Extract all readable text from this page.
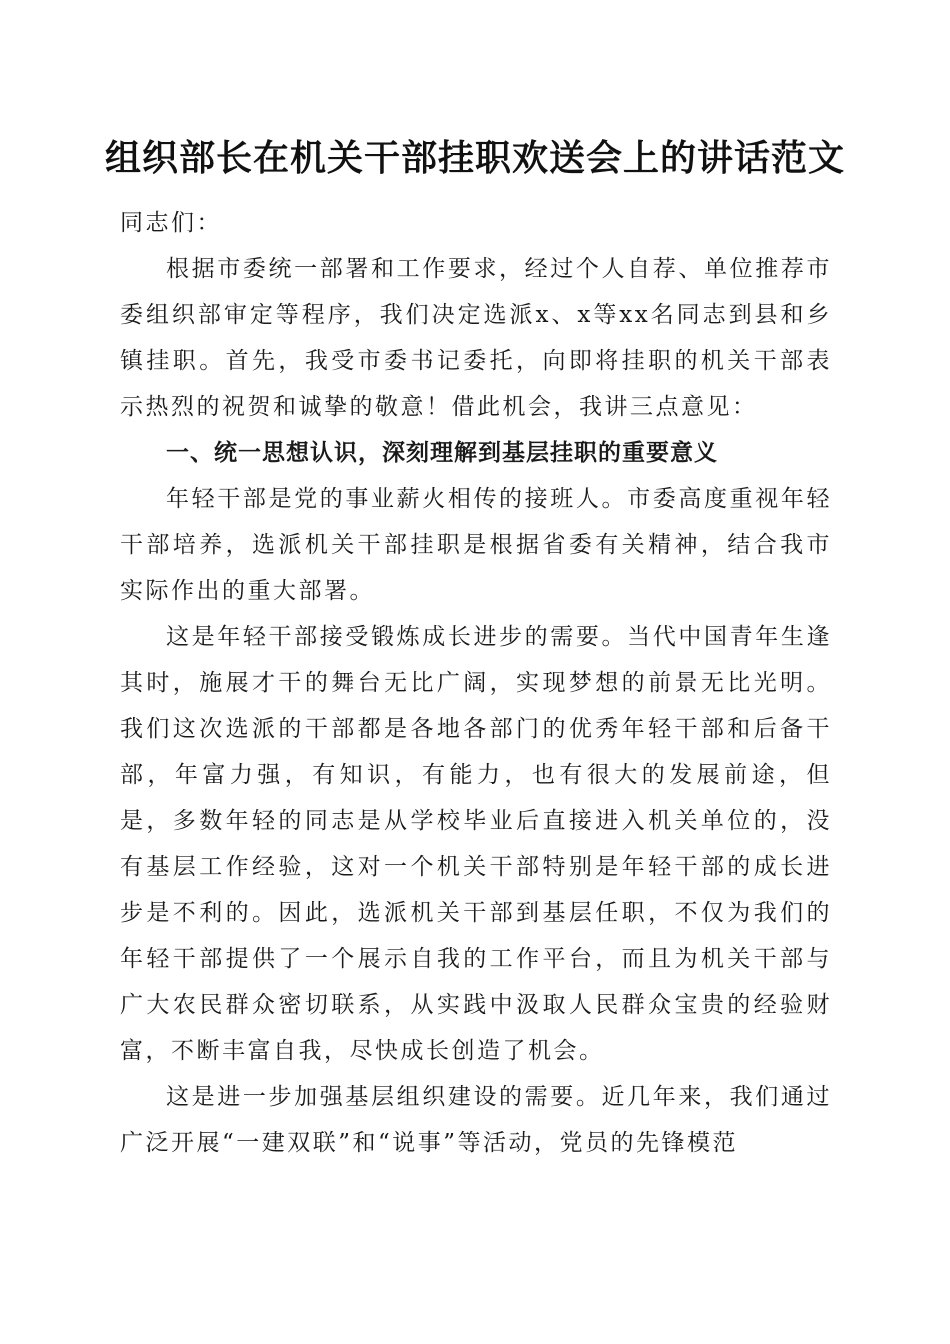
组织部长在机关干部挂职欢送会上的讲话范文

同志们：

根据市委统一部署和工作要求，经过个人自荐、单位推荐市委组织部审定等程序，我们决定选派x、x等xx名同志到县和乡镇挂职。首先，我受市委书记委托，向即将挂职的机关干部表示热烈的祝贺和诚挚的敬意！借此机会，我讲三点意见：

一、统一思想认识，深刻理解到基层挂职的重要意义

年轻干部是党的事业薪火相传的接班人。市委高度重视年轻干部培养，选派机关干部挂职是根据省委有关精神，结合我市实际作出的重大部署。

这是年轻干部接受锻炼成长进步的需要。当代中国青年生逢其时，施展才干的舞台无比广阔，实现梦想的前景无比光明。我们这次选派的干部都是各地各部门的优秀年轻干部和后备干部，年富力强，有知识，有能力，也有很大的发展前途，但是，多数年轻的同志是从学校毕业后直接进入机关单位的，没有基层工作经验，这对一个机关干部特别是年轻干部的成长进步是不利的。因此，选派机关干部到基层任职，不仅为我们的年轻干部提供了一个展示自我的工作平台，而且为机关干部与广大农民群众密切联系，从实践中汲取人民群众宝贵的经验财富，不断丰富自我，尽快成长创造了机会。

这是进一步加强基层组织建设的需要。近几年来，我们通过广泛开展“一建双联”和“说事”等活动，党员的先锋模范
